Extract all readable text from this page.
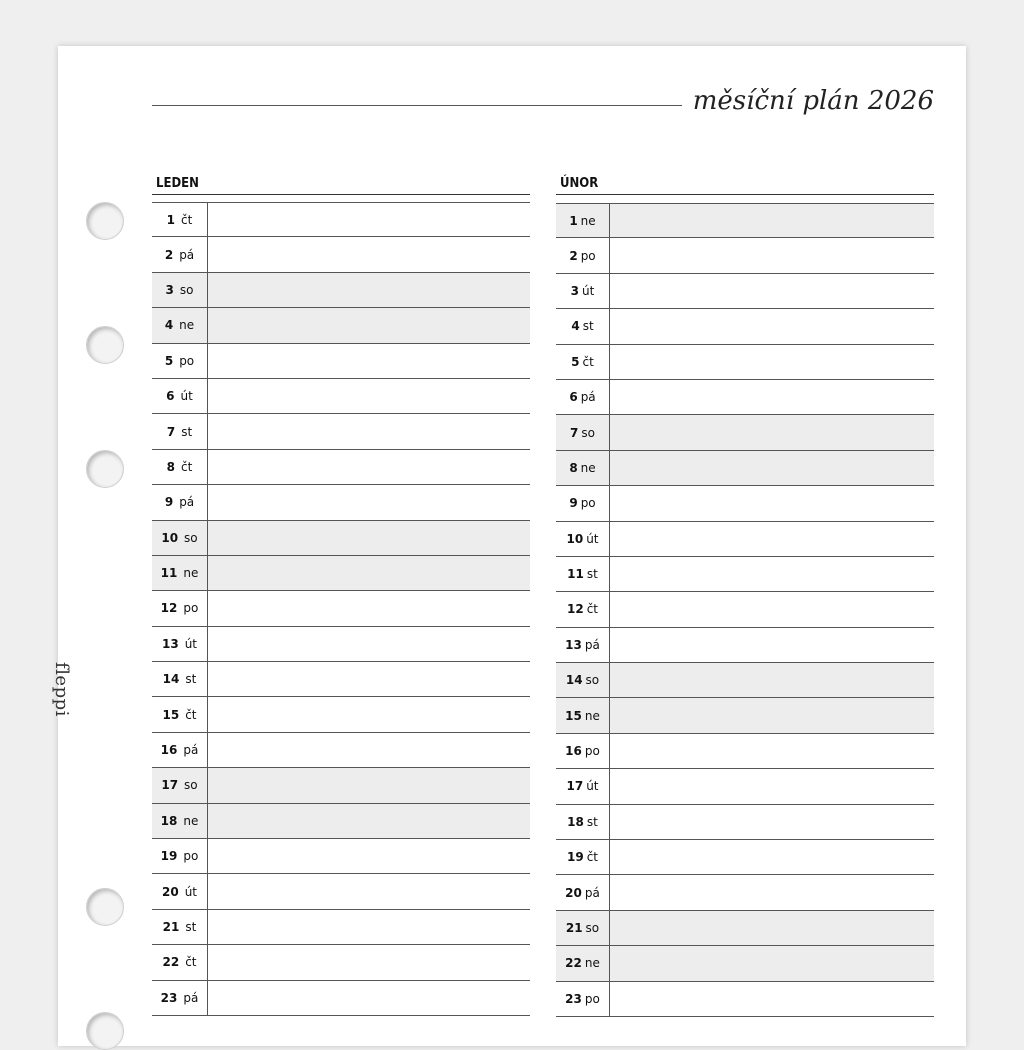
fleppi
měsíční plán 2026
LEDEN
1 čt
2 pá
3 so
4 ne
5 po
6 út
7 st
8 čt
9 pá
10 so
11 ne
12 po
13 út
14 st
15 čt
16 pá
17 so
18 ne
19 po
20 út
21 st
22 čt
23 pá
ÚNOR
1 ne
2 po
3 út
4 st
5 čt
6 pá
7 so
8 ne
9 po
10 út
11 st
12 čt
13 pá
14 so
15 ne
16 po
17 út
18 st
19 čt
20 pá
21 so
22 ne
23 po
